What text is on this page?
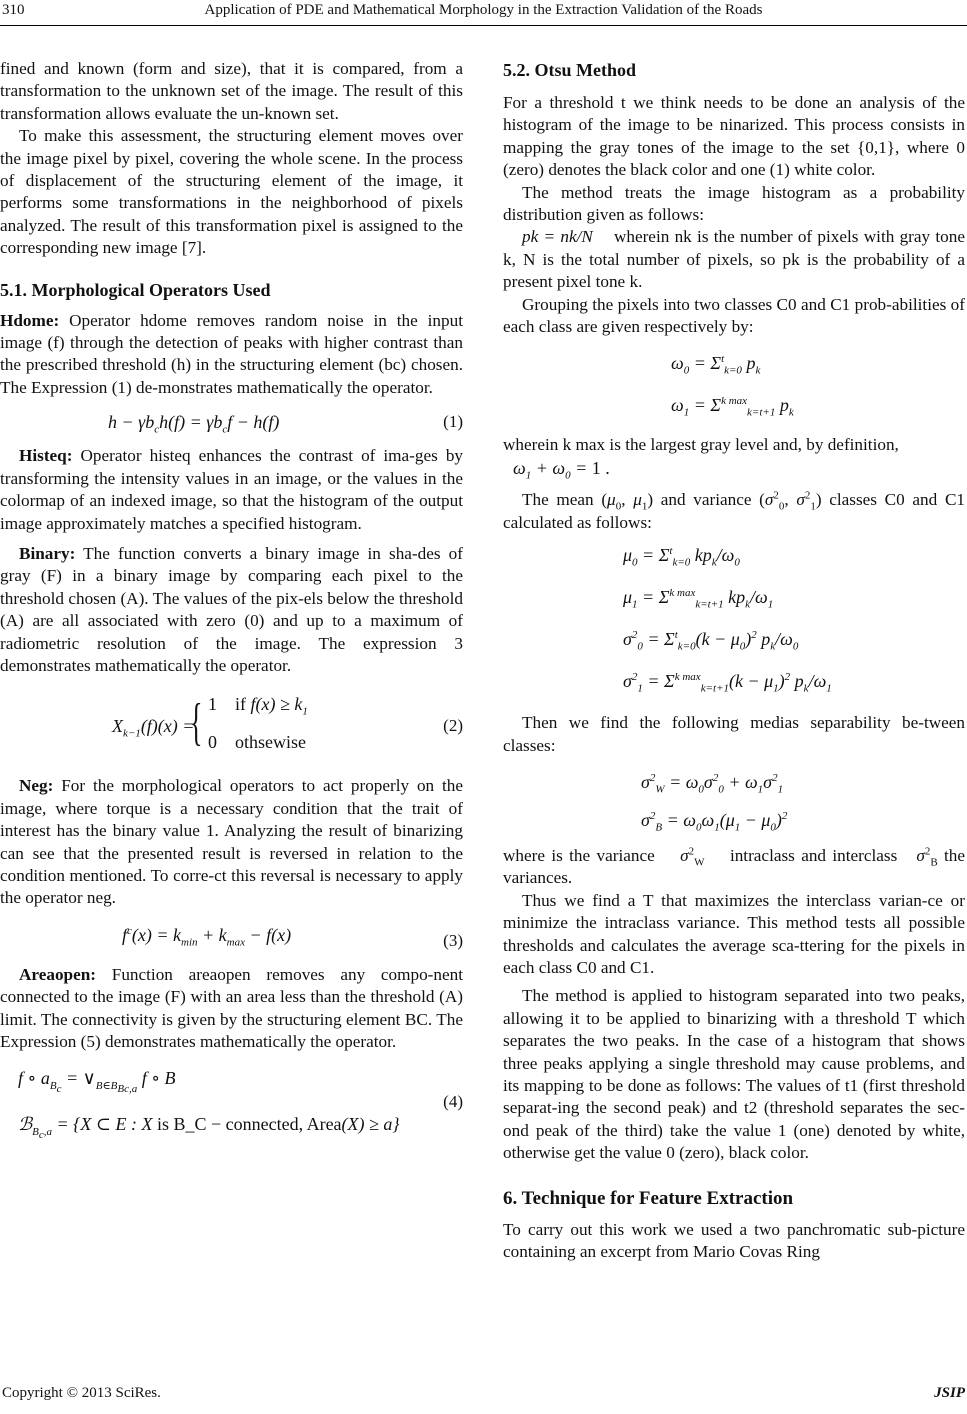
310	Application of PDE and Mathematical Morphology in the Extraction Validation of the Roads

fined and known (form and size), that it is compared, from a transformation to the unknown set of the image. The result of this transformation allows evaluate the un-known set.

To make this assessment, the structuring element moves over the image pixel by pixel, covering the whole scene. In the process of displacement of the structuring element of the image, it performs some transformations in the neighborhood of pixels analyzed. The result of this transformation pixel is assigned to the corresponding new image [7].

5.1. Morphological Operators Used

Hdome: Operator hdome removes random noise in the input image (f) through the detection of peaks with higher contrast than the prescribed threshold (h) in the structuring element (bc) chosen. The Expression (1) de-monstrates mathematically the operator.

$h - \gamma b_ch(f) = \gamma b_cf - h(f)$	(1)

Histeq: Operator histeq enhances the contrast of ima-ges by transforming the intensity values in an image, or the values in the colormap of an indexed image, so that the histogram of the output image approximately matches a specified histogram.

Binary: The function converts a binary image in sha-des of gray (F) in a binary image by comparing each pixel to the threshold chosen (A). The values of the pix-els below the threshold (A) are all associated with zero (0) and up to a maximum of radiometric resolution of the image. The expression 3 demonstrates mathematically the operator.

$X_{k-1}(f)(x)$ =
{ 1 if $f(x) \ge k_1$
0 othsewise
(2)

Neg: For the morphological operators to act properly on the image, where torque is a necessary condition that the trait of interest has the binary value 1. Analyzing the result of binarizing can see that the presented result is reversed in relation to the condition mentioned. To corre-ct this reversal is necessary to apply the operator neg.

$f^c(x) = k_{min} + k_{max} - f(x)$	(3)

Areaopen: Function areaopen removes any compo-nent connected to the image (F) with an area less than the threshold (A) limit. The connectivity is given by the structuring element BC. The Expression (5) demonstrates mathematically the operator.

f ∘ $a_{B_c}$ = $\vee_{B\in B_{Bc,a}}$ f ∘ B
ℬ$_{B_c,a}$ = {X ⊂ E : X is B_C − connected, Area(X) ≥ a}
(4)
5.2. Otsu Method

For a threshold t we think needs to be done an analysis of the histogram of the image to be ninarized. This process consists in mapping the gray tones of the image to the set {0,1}, where 0 (zero) denotes the black color and one (1) white color.

The method treats the image histogram as a probability distribution given as follows:

pk = nk/N wherein nk is the number of pixels with gray tone k, N is the total number of pixels, so pk is the probability of a present pixel tone k.

Grouping the pixels into two classes C0 and C1 prob-abilities of each class are given respectively by:

$\omega_0 = \Sigma^t_{k=0}$ $p_k$
$\omega_1 = \Sigma^{k max}_{k=t+1}$ $p_k$

wherein k max is the largest gray level and, by definition,

$\omega_1 + \omega_0 = 1$ .

The mean ($\mu_0$, $\mu_1$) and variance ($\sigma^2_0$, $\sigma^2_1$) classes C0 and C1 calculated as follows:

$\mu_0 = \Sigma^t_{k=0}$ $kp_k/\omega_0$
$\mu_1 = \Sigma^{k max}_{k=t+1}$ $kp_k/\omega_1$
$\sigma^2_0 = \Sigma^t_{k=0}(k - \mu_0)^2$ $p_k/\omega_0$
$\sigma^2_1 = \Sigma^{k max}_{k=t+1}(k - \mu_1)^2$ $p_k/\omega_1$

Then we find the following medias separability be-tween classes:

$\sigma^2_W = \omega_0\sigma^2_0 + \omega_1\sigma^2_1$
$\sigma^2_B = \omega_0\omega_1(\mu_1 - \mu_0)^2$

where is the variance $\sigma^2_W$ intraclass and interclass $\sigma^2_B$ the variances.

Thus we find a T that maximizes the interclass varian-ce or minimize the intraclass variance. This method tests all possible thresholds and calculates the average sca-ttering for the pixels in each class C0 and C1.

The method is applied to histogram separated into two peaks, allowing it to be applied to binarizing with a threshold T which separates the two peaks. In the case of a histogram that shows three peaks applying a single threshold may cause problems, and its mapping to be done as follows: The values of t1 (first threshold separat-ing the second peak) and t2 (threshold separates the sec-ond peak of the third) take the value 1 (one) denoted by white, otherwise get the value 0 (zero), black color.

6. Technique for Feature Extraction

To carry out this work we used a two panchromatic sub-picture containing an excerpt from Mario Covas Ring

Copyright © 2013 SciRes.	JSIP
